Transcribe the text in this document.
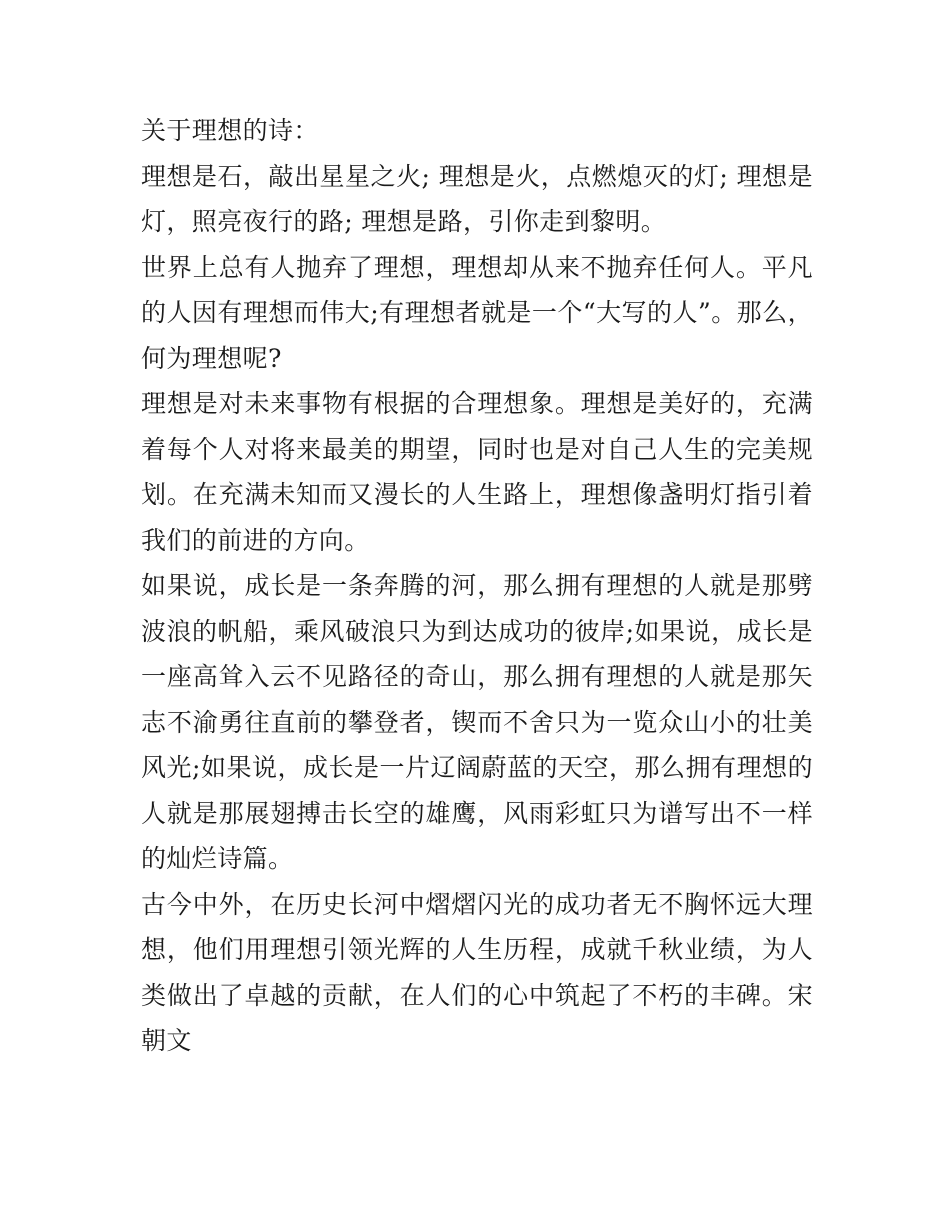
关于理想的诗：

理想是石，敲出星星之火; 理想是火，点燃熄灭的灯; 理想是灯，照亮夜行的路; 理想是路，引你走到黎明。

世界上总有人抛弃了理想，理想却从来不抛弃任何人。平凡的人因有理想而伟大;有理想者就是一个“大写的人”。那么，何为理想呢?

理想是对未来事物有根据的合理想象。理想是美好的，充满着每个人对将来最美的期望，同时也是对自己人生的完美规划。在充满未知而又漫长的人生路上，理想像盏明灯指引着我们的前进的方向。

如果说，成长是一条奔腾的河，那么拥有理想的人就是那劈波浪的帆船，乘风破浪只为到达成功的彼岸;如果说，成长是一座高耸入云不见路径的奇山，那么拥有理想的人就是那矢志不渝勇往直前的攀登者，锲而不舍只为一览众山小的壮美风光;如果说，成长是一片辽阔蔚蓝的天空，那么拥有理想的人就是那展翅搏击长空的雄鹰，风雨彩虹只为谱写出不一样的灿烂诗篇。

古今中外，在历史长河中熠熠闪光的成功者无不胸怀远大理想，他们用理想引领光辉的人生历程，成就千秋业绩，为人类做出了卓越的贡献，在人们的心中筑起了不朽的丰碑。宋朝文
